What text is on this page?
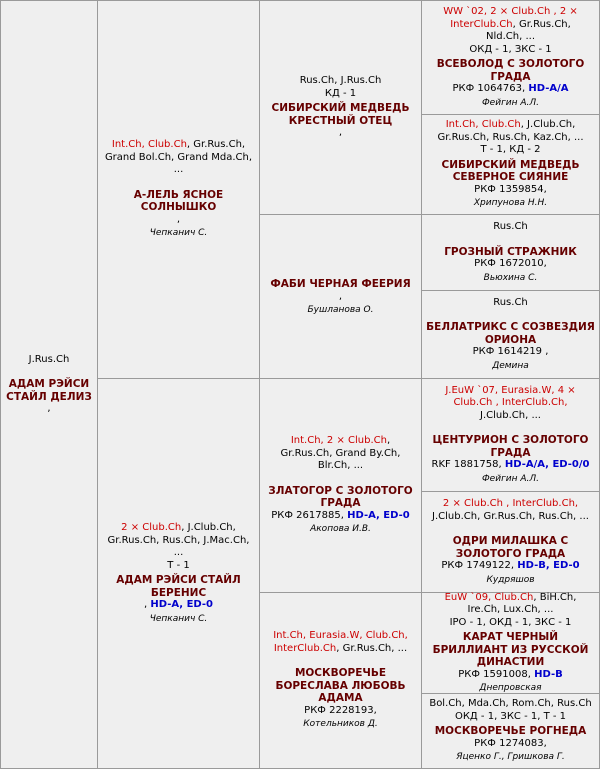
J.Rus.Ch
АДАМ РЭЙСИ СТАЙЛ ДЕЛИЗ
,
Int.Ch, Club.Ch, Gr.Rus.Ch,
Grand Bol.Ch, Grand Mda.Ch,
...
А-ЛЕЛЬ ЯСНОЕ СОЛНЫШКО
,
Чепканич С.
2 × Club.Ch, J.Club.Ch,
Gr.Rus.Ch, Rus.Ch, J.Mac.Ch,
...
Т - 1
АДАМ РЭЙСИ СТАЙЛ БЕРЕНИС
, HD-A, ED-0
Чепканич С.
Rus.Ch, J.Rus.Ch
КД - 1
СИБИРСКИЙ МЕДВЕДЬ КРЕСТНЫЙ ОТЕЦ
,
ФАБИ ЧЕРНАЯ ФЕЕРИЯ
,
Бушланова О.
Int.Ch, 2 × Club.Ch,
Gr.Rus.Ch, Grand By.Ch,
Blr.Ch, ...
ЗЛАТОГОР С ЗОЛОТОГО ГРАДА
РКФ 2617885, HD-A, ED-0
Акопова И.В.
Int.Ch, Eurasia.W, Club.Ch,
InterClub.Ch, Gr.Rus.Ch, ...
МОСКВОРЕЧЬЕ БОРЕСЛАВА ЛЮБОВЬ АДАМА
РКФ 2228193,
Котельников Д.
WW `02, 2 × Club.Ch , 2 ×
InterClub.Ch, Gr.Rus.Ch,
Nld.Ch, ...
ОКД - 1, ЗКС - 1
ВСЕВОЛОД С ЗОЛОТОГО ГРАДА
РКФ 1064763, HD-A/A
Фейгин А.Л.
Int.Ch, Club.Ch, J.Club.Ch,
Gr.Rus.Ch, Rus.Ch, Kaz.Ch, ...
Т - 1, КД - 2
СИБИРСКИЙ МЕДВЕДЬ СЕВЕРНОЕ СИЯНИЕ
РКФ 1359854,
Хрипунова Н.Н.
Rus.Ch
ГРОЗНЫЙ СТРАЖНИК
РКФ 1672010,
Вьюхина С.
Rus.Ch
БЕЛЛАТРИКС С СОЗВЕЗДИЯ ОРИОНА
РКФ 1614219 ,
Демина
J.EuW `07, Eurasia.W, 4 ×
Club.Ch , InterClub.Ch,
J.Club.Ch, ...
ЦЕНТУРИОН С ЗОЛОТОГО ГРАДА
RKF 1881758, HD-A/A, ED-0/0
Фейгин А.Л.
2 × Club.Ch , InterClub.Ch,
J.Club.Ch, Gr.Rus.Ch, Rus.Ch, ...
ОДРИ МИЛАШКА С ЗОЛОТОГО ГРАДА
РКФ 1749122, HD-B, ED-0
Кудряшов
EuW `09, Club.Ch, BiH.Ch,
Ire.Ch, Lux.Ch, ...
IPO - 1, ОКД - 1, ЗКС - 1
КАРАТ ЧЕРНЫЙ БРИЛЛИАНТ ИЗ РУССКОЙ ДИНАСТИИ
РКФ 1591008, HD-B
Днепровская
Bol.Ch, Mda.Ch, Rom.Ch, Rus.Ch
ОКД - 1, ЗКС - 1, Т - 1
МОСКВОРЕЧЬЕ РОГНЕДА
РКФ 1274083,
Яценко Г., Гришкова Г.
